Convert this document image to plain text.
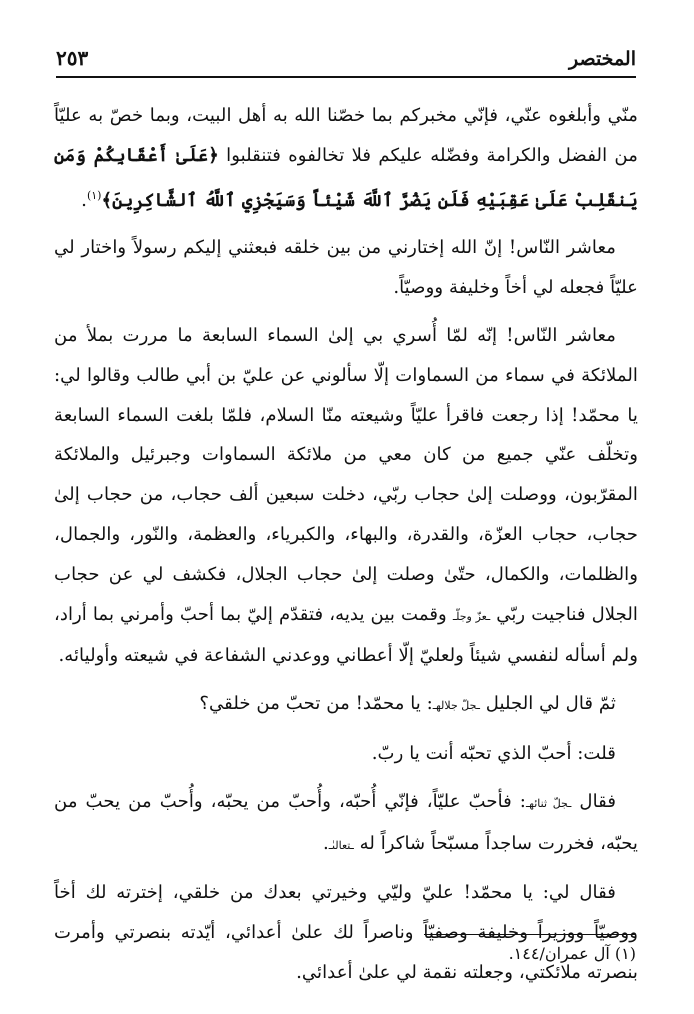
المختصر
٢٥٣

منّي وأبلغوه عنّي، فإنّي مخبركم بما خصّنا الله به أهل البيت، وبما خصّ به عليّاً من الفضل والكرامة وفضّله عليكم فلا تخالفوه فتنقلبوا ﴿عَلَىٰ أَعْقَابِكُمْ وَمَن يَنقَلِبْ عَلَىٰ عَقِبَيْهِ فَلَن يَضُرَّ ٱللَّهَ شَيْئاً وَسَيَجْزِي ٱللَّهُ ٱلشَّاكِرِينَ﴾$^{(١)}$.

معاشر النّاس! إنّ الله إختارني من بين خلقه فبعثني إليكم رسولاً واختار لي عليّاً فجعله لي أخاً وخليفة ووصيّاً.

معاشر النّاس! إنّه لمّا أُسري بي إلىٰ السماء السابعة ما مررت بملأ من الملائكة في سماء من السماوات إلّا سألوني عن عليّ بن أبي طالب وقالوا لي: يا محمّد! إذا رجعت فاقرأ عليّاً وشيعته منّا السلام، فلمّا بلغت السماء السابعة وتخلّف عنّي جميع من كان معي من ملائكة السماوات وجبرئيل والملائكة المقرّبون، ووصلت إلىٰ حجاب ربّي، دخلت سبعين ألف حجاب، من حجاب إلىٰ حجاب، حجاب العزّة، والقدرة، والبهاء، والكبرياء، والعظمة، والنّور، والجمال، والظلمات، والكمال، حتّىٰ وصلت إلىٰ حجاب الجلال، فكشف لي عن حجاب الجلال فناجيت ربّي ـعزّ وجلّـ وقمت بين يديه، فتقدّم إليّ بما أحبّ وأمرني بما أراد، ولم أسأله لنفسي شيئاً ولعليّ إلّا أعطاني ووعدني الشفاعة في شيعته وأوليائه.

ثمّ قال لي الجليل ـجلّ جلالهـ: يا محمّد! من تحبّ من خلقي؟

قلت: أحبّ الذي تحبّه أنت يا ربّ.

فقال ـجلّ ثنائهـ: فأحبّ عليّاً، فإنّي أُحبّه، وأُحبّ من يحبّه، وأُحبّ من يحبّ من يحبّه، فخررت ساجداً مسبّحاً شاكراً له ـتعالىٰـ.

فقال لي: يا محمّد! عليّ وليّي وخيرتي بعدك من خلقي، إخترته لك أخاً ووصيّاً ووزيراً وخليفة وصفيّاً وناصراً لك علىٰ أعدائي، أيّدته بنصرتي وأمرت بنصرته ملائكتي، وجعلته نقمة لي علىٰ أعدائي.

(١) آل عمران/١٤٤.
